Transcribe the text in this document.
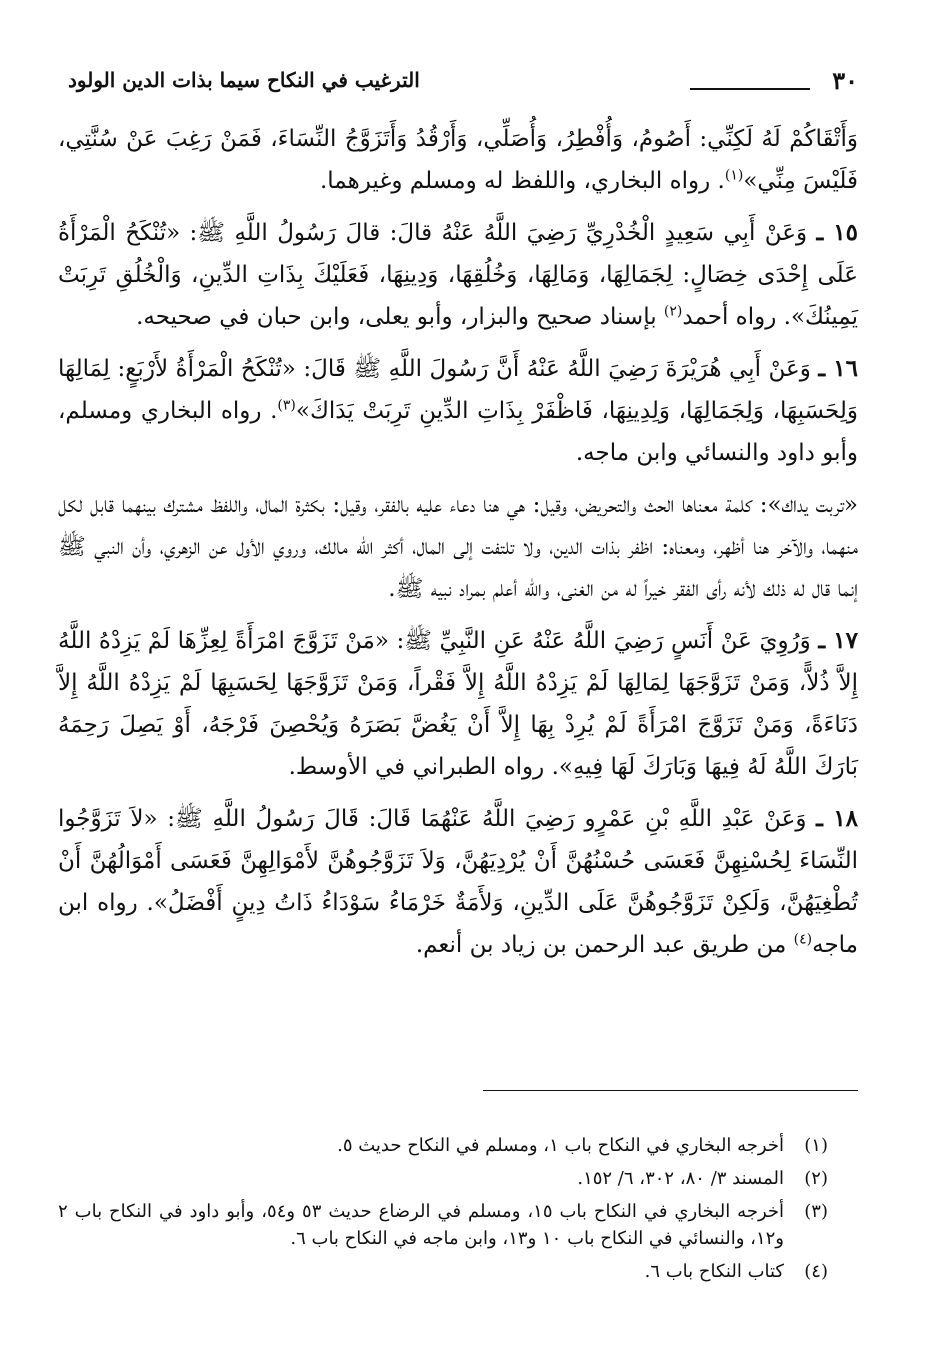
٣٠
الترغيب في النكاح سيما بذات الدين الولود

وَأَتْقَاكُمْ لَهُ لَكِنِّي: أَصُومُ، وَأُفْطِرُ، وَأُصَلِّي، وَأَرْقُدُ وَأَتَزَوَّجُ النِّسَاءَ، فَمَنْ رَغِبَ عَنْ سُنَّتِي، فَلَيْسَ مِنِّي»$^{(١)}$. رواه البخاري، واللفظ له ومسلم وغيرهما.

١٥ ـ وَعَنْ أَبِي سَعِيدٍ الْخُدْرِيِّ رَضِيَ اللَّهُ عَنْهُ قالَ: قالَ رَسُولُ اللَّهِ ﷺ: «تُنْكَحُ الْمَرْأَةُ عَلَى إِحْدَى خِصَالٍ: لِجَمَالِهَا، وَمَالِهَا، وَخُلُقِهَا، وَدِينِهَا، فَعَلَيْكَ بِذَاتِ الدِّينِ، وَالْخُلُقِ تَرِبَتْ يَمِينُكَ». رواه أحمد$^{(٢)}$ بإسناد صحيح والبزار، وأبو يعلى، وابن حبان في صحيحه.

١٦ ـ وَعَنْ أَبِي هُرَيْرَةَ رَضِيَ اللَّهُ عَنْهُ أَنَّ رَسُولَ اللَّهِ ﷺ قَالَ: «تُنْكَحُ الْمَرْأَةُ لأَرْبَعٍ: لِمَالِهَا وَلِحَسَبِهَا، وَلِجَمَالِهَا، وَلِدِينِهَا، فَاظْفَرْ بِذَاتِ الدِّينِ تَرِبَتْ يَدَاكَ»$^{(٣)}$. رواه البخاري ومسلم، وأبو داود والنسائي وابن ماجه.

«تربت يداك»: كلمة معناها الحث والتحريض، وقيل: هي هنا دعاء عليه بالفقر، وقيل: بكثرة المال، واللفظ مشترك بينهما قابل لكل منهما، والآخر هنا أظهر، ومعناه: اظفر بذات الدين، ولا تلتفت إلى المال، أكثر الله مالك، وروي الأول عن الزهري، وأن النبي ﷺ إنما قال له ذلك لأنه رأى الفقر خيراً له من الغنى، والله أعلم بمراد نبيه ﷺ.

١٧ ـ وَرُوِيَ عَنْ أَنَسٍ رَضِيَ اللَّهُ عَنْهُ عَنِ النَّبِيِّ ﷺ: «مَنْ تَزَوَّجَ امْرَأَةً لِعِزِّهَا لَمْ يَزِدْهُ اللَّهُ إِلاَّ ذُلاًّ، وَمَنْ تَزَوَّجَهَا لِمَالِهَا لَمْ يَزِدْهُ اللَّهُ إِلاَّ فَقْراً، وَمَنْ تَزَوَّجَهَا لِحَسَبِهَا لَمْ يَزِدْهُ اللَّهُ إِلاَّ دَنَاءَةً، وَمَنْ تَزَوَّجَ امْرَأَةً لَمْ يُرِدْ بِهَا إِلاَّ أَنْ يَغُضَّ بَصَرَهُ وَيُحْصِنَ فَرْجَهُ، أَوْ يَصِلَ رَحِمَهُ بَارَكَ اللَّهُ لَهُ فِيهَا وَبَارَكَ لَهَا فِيهِ». رواه الطبراني في الأوسط.

١٨ ـ وَعَنْ عَبْدِ اللَّهِ بْنِ عَمْرٍو رَضِيَ اللَّهُ عَنْهُمَا قَالَ: قَالَ رَسُولُ اللَّهِ ﷺ: «لاَ تَزَوَّجُوا النِّسَاءَ لِحُسْنِهِنَّ فَعَسَى حُسْنُهُنَّ أَنْ يُرْدِيَهُنَّ، وَلاَ تَزَوَّجُوهُنَّ لأَمْوَالِهِنَّ فَعَسَى أَمْوَالُهُنَّ أَنْ تُطْغِيَهُنَّ، وَلَكِنْ تَزَوَّجُوهُنَّ عَلَى الدِّينِ، وَلأَمَةٌ خَرْمَاءُ سَوْدَاءُ ذَاتُ دِينٍ أَفْضَلُ». رواه ابن ماجه$^{(٤)}$ من طريق عبد الرحمن بن زياد بن أنعم.

(١)
أخرجه البخاري في النكاح باب ١، ومسلم في النكاح حديث ٥.
(٢)
المسند ٣/ ٨٠، ٣٠٢، ٦/ ١٥٢.
(٣)
أخرجه البخاري في النكاح باب ١٥، ومسلم في الرضاع حديث ٥٣ و٥٤، وأبو داود في النكاح باب ٢ و١٢، والنسائي في النكاح باب ١٠ و١٣، وابن ماجه في النكاح باب ٦.
(٤)
كتاب النكاح باب ٦.
